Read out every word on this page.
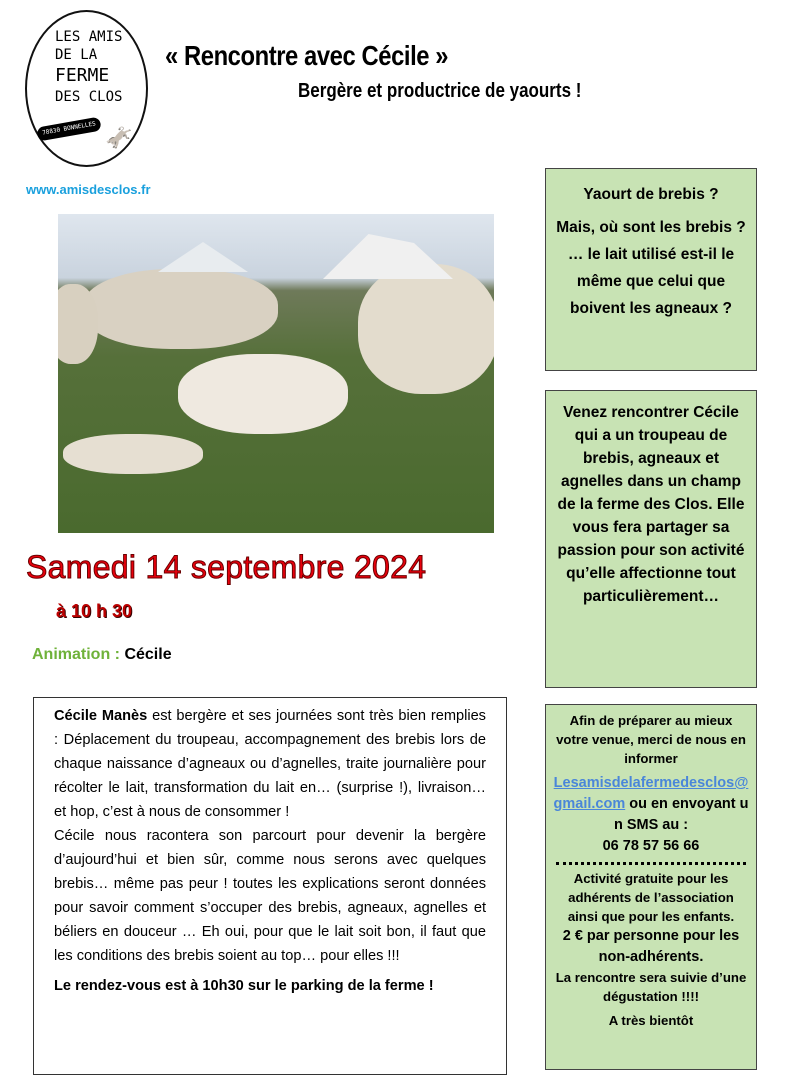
LES AMIS
DE LA
FERME
DES CLOS
78830 BONNELLES 🫏
« Rencontre avec Cécile »
Bergère et productrice de yaourts !
www.amisdesclos.fr
Samedi 14 septembre 2024
à 10 h 30
Animation : Cécile

Cécile Manès est bergère et ses journées sont très bien remplies : Déplacement du troupeau, accompagnement des brebis lors de chaque naissance d’agneaux ou d’agnelles, traite journalière pour récolter le lait, transformation du lait en… (surprise !), livraison… et hop, c’est à nous de consommer !

Cécile nous racontera son parcourt pour devenir la bergère d’aujourd’hui et bien sûr, comme nous serons avec quelques brebis… même pas peur ! toutes les explications seront données pour savoir comment s’occuper des brebis, agneaux, agnelles et béliers en douceur … Eh oui, pour que le lait soit bon, il faut que les conditions des brebis soient au top… pour elles !!!

Le rendez-vous est à 10h30 sur le parking de la ferme !

Yaourt de brebis ?

Mais, où sont les brebis ? … le lait utilisé est-il le même que celui que boivent les agneaux ?

Venez rencontrer Cécile qui a un troupeau de brebis, agneaux et agnelles dans un champ de la ferme des Clos. Elle vous fera partager sa passion pour son activité qu’elle affectionne tout particulièrement…

Afin de préparer au mieux votre venue, merci de nous en informer

Lesamisdelafermedesclos@gmail.com ou en envoyant un SMS au :
06 78 57 56 66

Activité gratuite pour les adhérents de l’association ainsi que pour les enfants.

2 € par personne pour les non-adhérents.

La rencontre sera suivie d’une dégustation !!!!

A très bientôt
